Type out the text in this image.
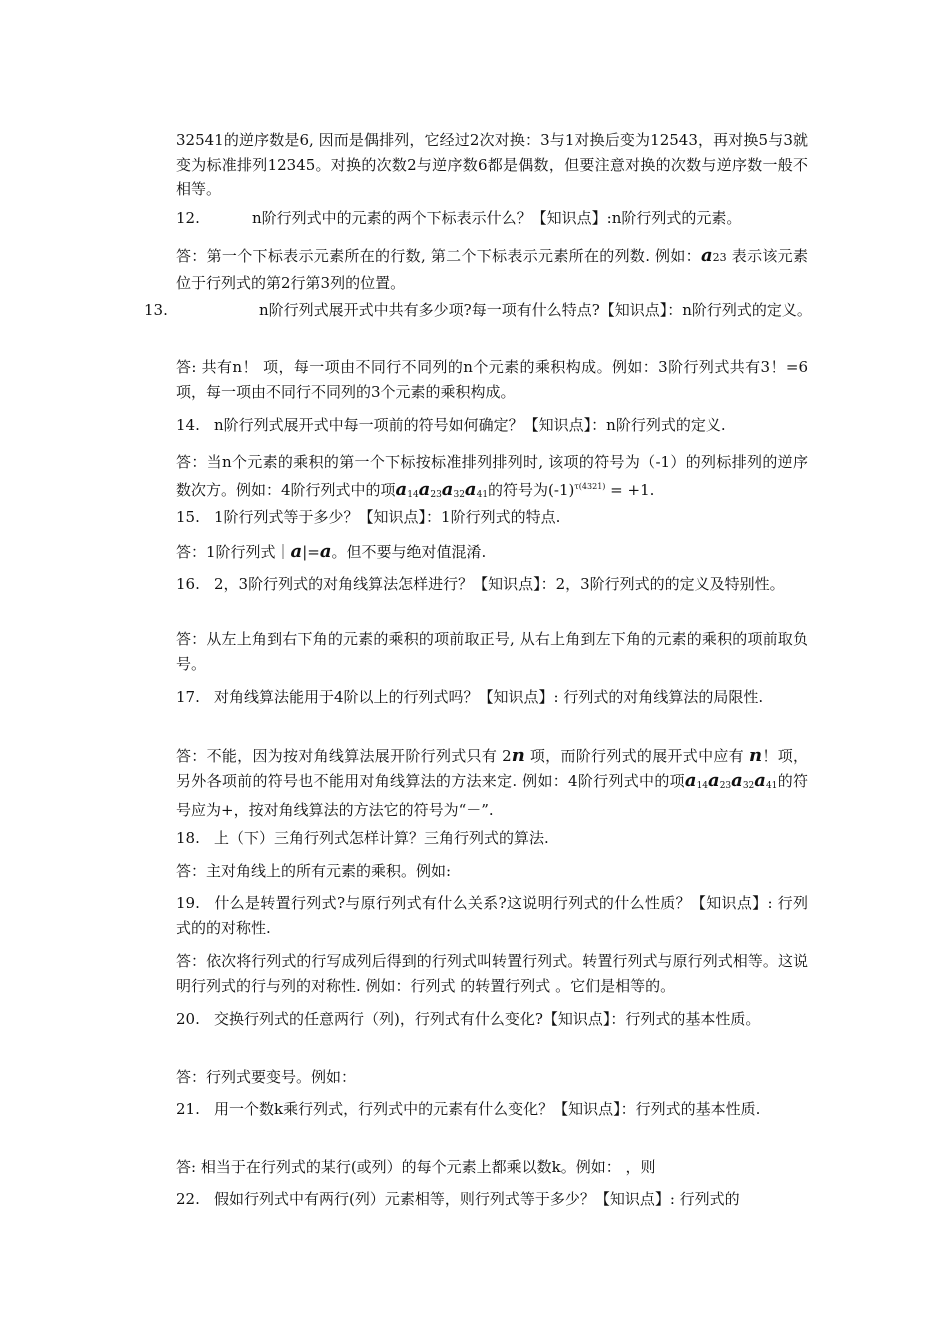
32541的逆序数是6, 因而是偶排列，它经过2次对换：3与1对换后变为12543，再对换5与3就变为标准排列12345。对换的次数2与逆序数6都是偶数，但要注意对换的次数与逆序数一般不相等。

12.	n阶行列式中的元素的两个下标表示什么？【知识点】:n阶行列式的元素。

答：第一个下标表示元素所在的行数, 第二个下标表示元素所在的列数. 例如：a23 表示该元素位于行列式的第2行第3列的位置。

13.	n阶行列式展开式中共有多少项?每一项有什么特点?【知识点】：n阶行列式的定义。

答: 共有n！ 项，每一项由不同行不同列的n个元素的乘积构成。例如：3阶行列式共有3！=6项，每一项由不同行不同列的3个元素的乘积构成。

14. n阶行列式展开式中每一项前的符号如何确定？【知识点】：n阶行列式的定义.

答：当n个元素的乘积的第一个下标按标准排列排列时, 该项的符号为（-1）的列标排列的逆序数次方。例如：4阶行列式中的项$a_{14}a_{23}a_{32}a_{41}$的符号为$(-1)^{\tau(4321)} = +1$.

15. 1阶行列式等于多少？【知识点】：1阶行列式的特点.

答：1阶行列式｜a|=a。但不要与绝对值混淆.

16. 2，3阶行列式的对角线算法怎样进行？【知识点】：2，3阶行列式的的定义及特别性。

答：从左上角到右下角的元素的乘积的项前取正号, 从右上角到左下角的元素的乘积的项前取负号。

17. 对角线算法能用于4阶以上的行列式吗？【知识点】: 行列式的对角线算法的局限性.

答：不能，因为按对角线算法展开阶行列式只有 2n 项，而阶行列式的展开式中应有 n！项，另外各项前的符号也不能用对角线算法的方法来定. 例如：4阶行列式中的项$a_{14}a_{23}a_{32}a_{41}$的符号应为+，按对角线算法的方法它的符号为“－”.

18. 上（下）三角行列式怎样计算？三角行列式的算法.

答：主对角线上的所有元素的乘积。例如:

19. 什么是转置行列式?与原行列式有什么关系?这说明行列式的什么性质？【知识点】: 行列式的的对称性.

答：依次将行列式的行写成列后得到的行列式叫转置行列式。转置行列式与原行列式相等。这说明行列式的行与列的对称性. 例如：行列式 的转置行列式 。它们是相等的。

20. 交换行列式的任意两行（列)，行列式有什么变化?【知识点】：行列式的基本性质。

答：行列式要变号。例如：

21. 用一个数k乘行列式，行列式中的元素有什么变化？【知识点】：行列式的基本性质.

答: 相当于在行列式的某行(或列）的每个元素上都乘以数k。例如： ，则

22. 假如行列式中有两行(列）元素相等，则行列式等于多少？【知识点】: 行列式的
